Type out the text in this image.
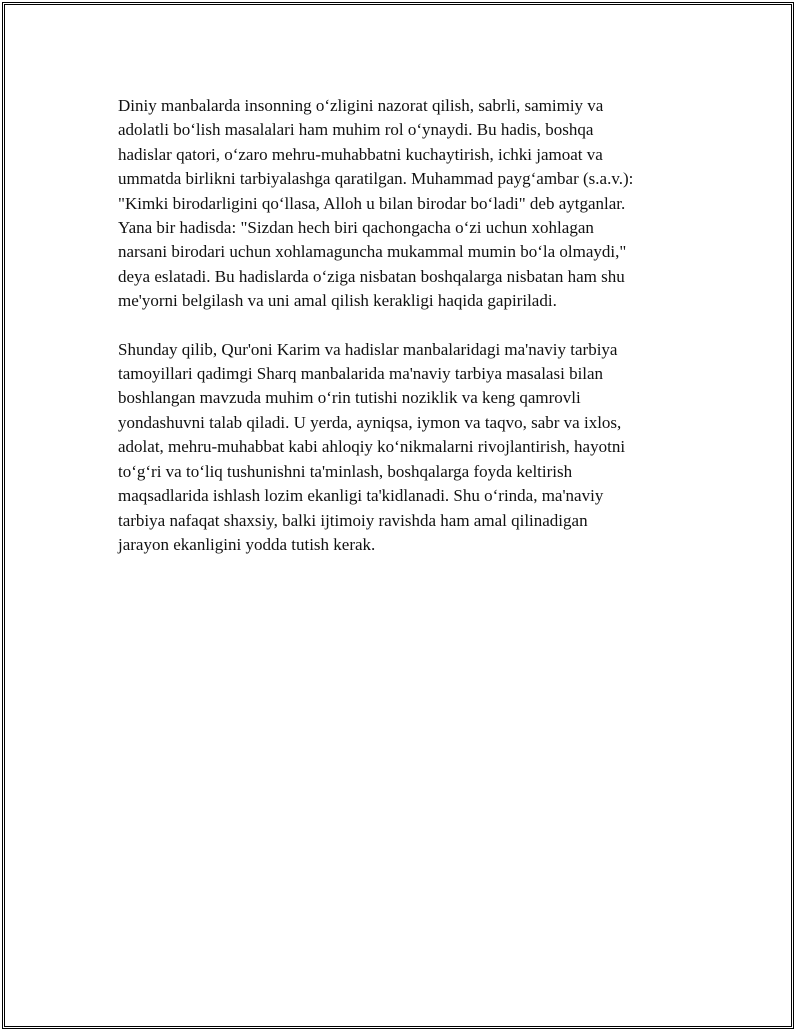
Diniy manbalarda insonning o‘zligini nazorat qilish, sabrli, samimiy va
adolatli bo‘lish masalalari ham muhim rol o‘ynaydi. Bu hadis, boshqa
hadislar qatori, o‘zaro mehru-muhabbatni kuchaytirish, ichki jamoat va
ummatda birlikni tarbiyalashga qaratilgan. Muhammad payg‘ambar (s.a.v.):
"Kimki birodarligini qo‘llasa, Alloh u bilan birodar bo‘ladi" deb aytganlar.
Yana bir hadisda: "Sizdan hech biri qachongacha o‘zi uchun xohlagan
narsani birodari uchun xohlamaguncha mukammal mumin bo‘la olmaydi,"
deya eslatadi. Bu hadislarda o‘ziga nisbatan boshqalarga nisbatan ham shu
me'yorni belgilash va uni amal qilish kerakligi haqida gapiriladi.

Shunday qilib, Qur'oni Karim va hadislar manbalaridagi ma'naviy tarbiya
tamoyillari qadimgi Sharq manbalarida ma'naviy tarbiya masalasi bilan
boshlangan mavzuda muhim o‘rin tutishi noziklik va keng qamrovli
yondashuvni talab qiladi. U yerda, ayniqsa, iymon va taqvo, sabr va ixlos,
adolat, mehru-muhabbat kabi ahloqiy ko‘nikmalarni rivojlantirish, hayotni
to‘g‘ri va to‘liq tushunishni ta'minlash, boshqalarga foyda keltirish
maqsadlarida ishlash lozim ekanligi ta'kidlanadi. Shu o‘rinda, ma'naviy
tarbiya nafaqat shaxsiy, balki ijtimoiy ravishda ham amal qilinadigan
jarayon ekanligini yodda tutish kerak.
